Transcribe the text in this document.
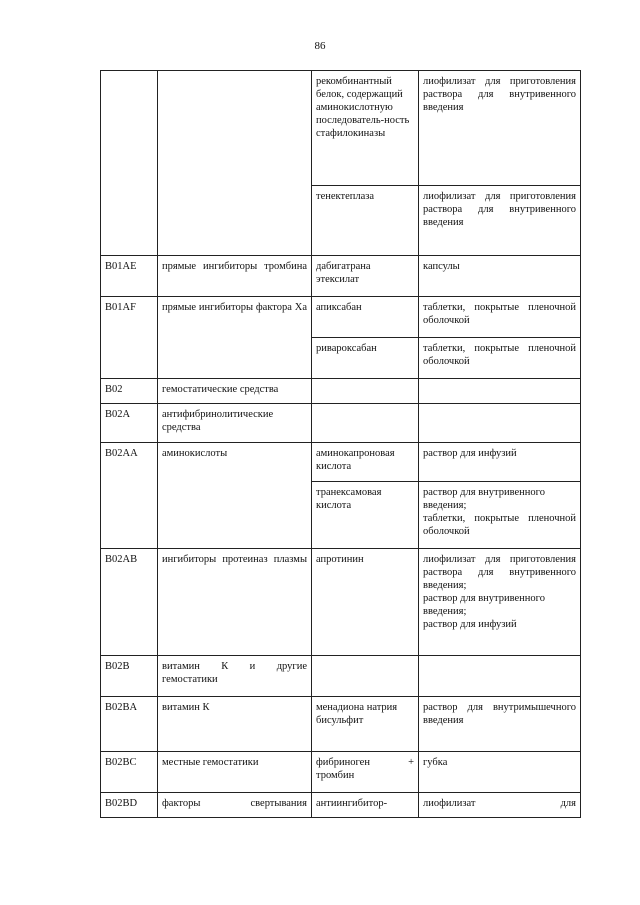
86
		рекомбинантный белок, содержащий аминокислотную последователь-ность стафилокиназы	лиофилизат для приготовления раствора для внутривенного введения

		тенектеплаза	лиофилизат для приготовления раствора для внутривенного введения

B01AE	прямые ингибиторы тромбина	дабигатрана этексилат	капсулы

B01AF	прямые ингибиторы фактора Ха	апиксабан	таблетки, покрытые пленочной оболочкой

		ривароксабан	таблетки, покрытые пленочной оболочкой

B02	гемостатические средства		
B02A	антифибринолитические средства		
B02AA	аминокислоты	аминокапроновая кислота	раствор для инфузий

		транексамовая кислота	раствор для внутривенного введения;
таблетки, покрытые пленочной оболочкой

B02AB	ингибиторы протеиназ плазмы	апротинин	лиофилизат для приготовления раствора для внутривенного введения;
раствор для внутривенного введения;
раствор для инфузий

B02B	витамин К и другие гемостатики		
B02BA	витамин К	менадиона натрия бисульфит	раствор для внутримышечного введения

B02BC	местные гемостатики	фибриноген + тромбин	губка

B02BD	факторы свертывания	антиингибитор-	лиофилизат для
